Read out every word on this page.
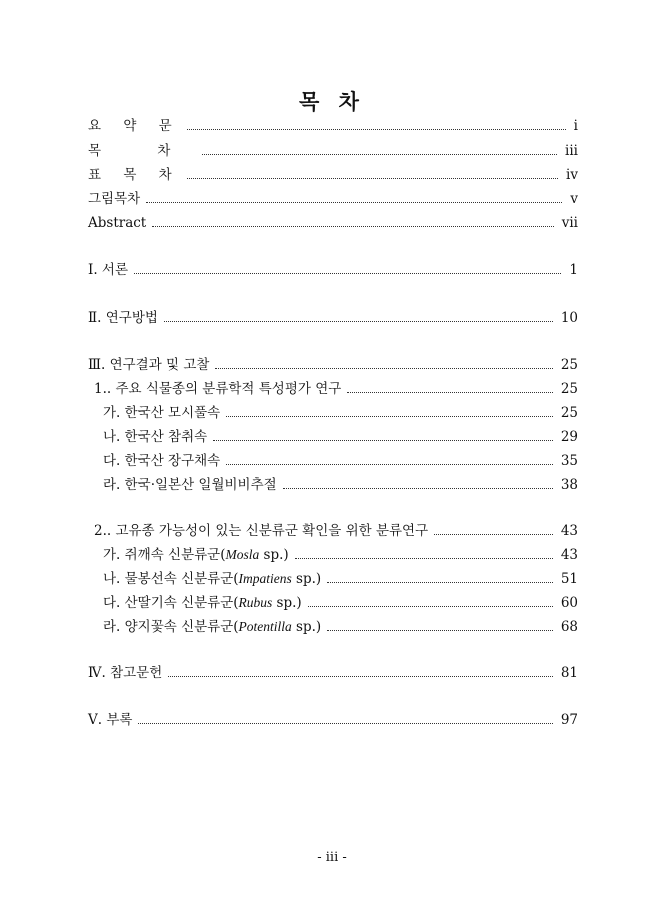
목 차
요 약 문	i
목 차	iii
표 목 차	iv
그림목차	v
Abstract	vii
Ⅰ. 서론	1
Ⅱ. 연구방법	10
Ⅲ. 연구결과 및 고찰	25
1.. 주요 식물종의 분류학적 특성평가 연구	25
가. 한국산 모시풀속	25
나. 한국산 참취속	29
다. 한국산 장구채속	35
라. 한국·일본산 일월비비추절	38
2.. 고유종 가능성이 있는 신분류군 확인을 위한 분류연구	43
가. 쥐깨속 신분류군(Mosla sp.)	43
나. 물봉선속 신분류군(Impatiens sp.)	51
다. 산딸기속 신분류군(Rubus sp.)	60
라. 양지꽃속 신분류군(Potentilla sp.)	68
Ⅳ. 참고문헌	81
Ⅴ. 부록	97
- iii -
